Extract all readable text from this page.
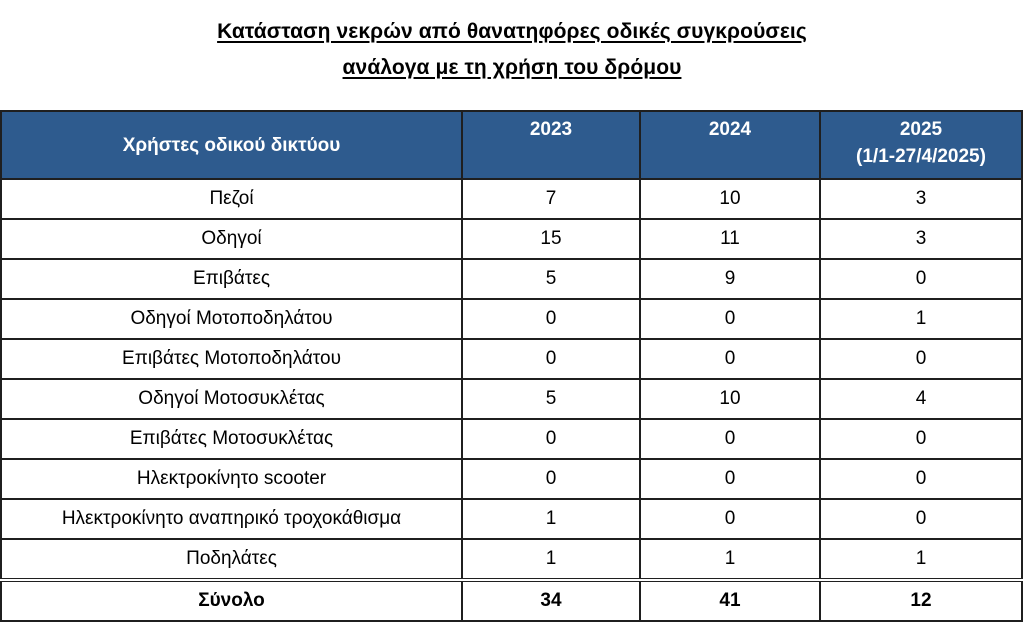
Κατάσταση νεκρών από θανατηφόρες οδικές συγκρούσεις
ανάλογα με τη χρήση του δρόμου
Χρήστες οδικού δικτύου	2023	2024	2025
(1/1-27/4/2025)

Πεζοί	7	10	3
Οδηγοί	15	11	3
Επιβάτες	5	9	0
Οδηγοί Μοτοποδηλάτου	0	0	1
Επιβάτες Μοτοποδηλάτου	0	0	0
Οδηγοί Μοτοσυκλέτας	5	10	4
Επιβάτες Μοτοσυκλέτας	0	0	0
Ηλεκτροκίνητο scooter	0	0	0
Ηλεκτροκίνητο αναπηρικό τροχοκάθισμα	1	0	0
Ποδηλάτες	1	1	1
Σύνολο	34	41	12
